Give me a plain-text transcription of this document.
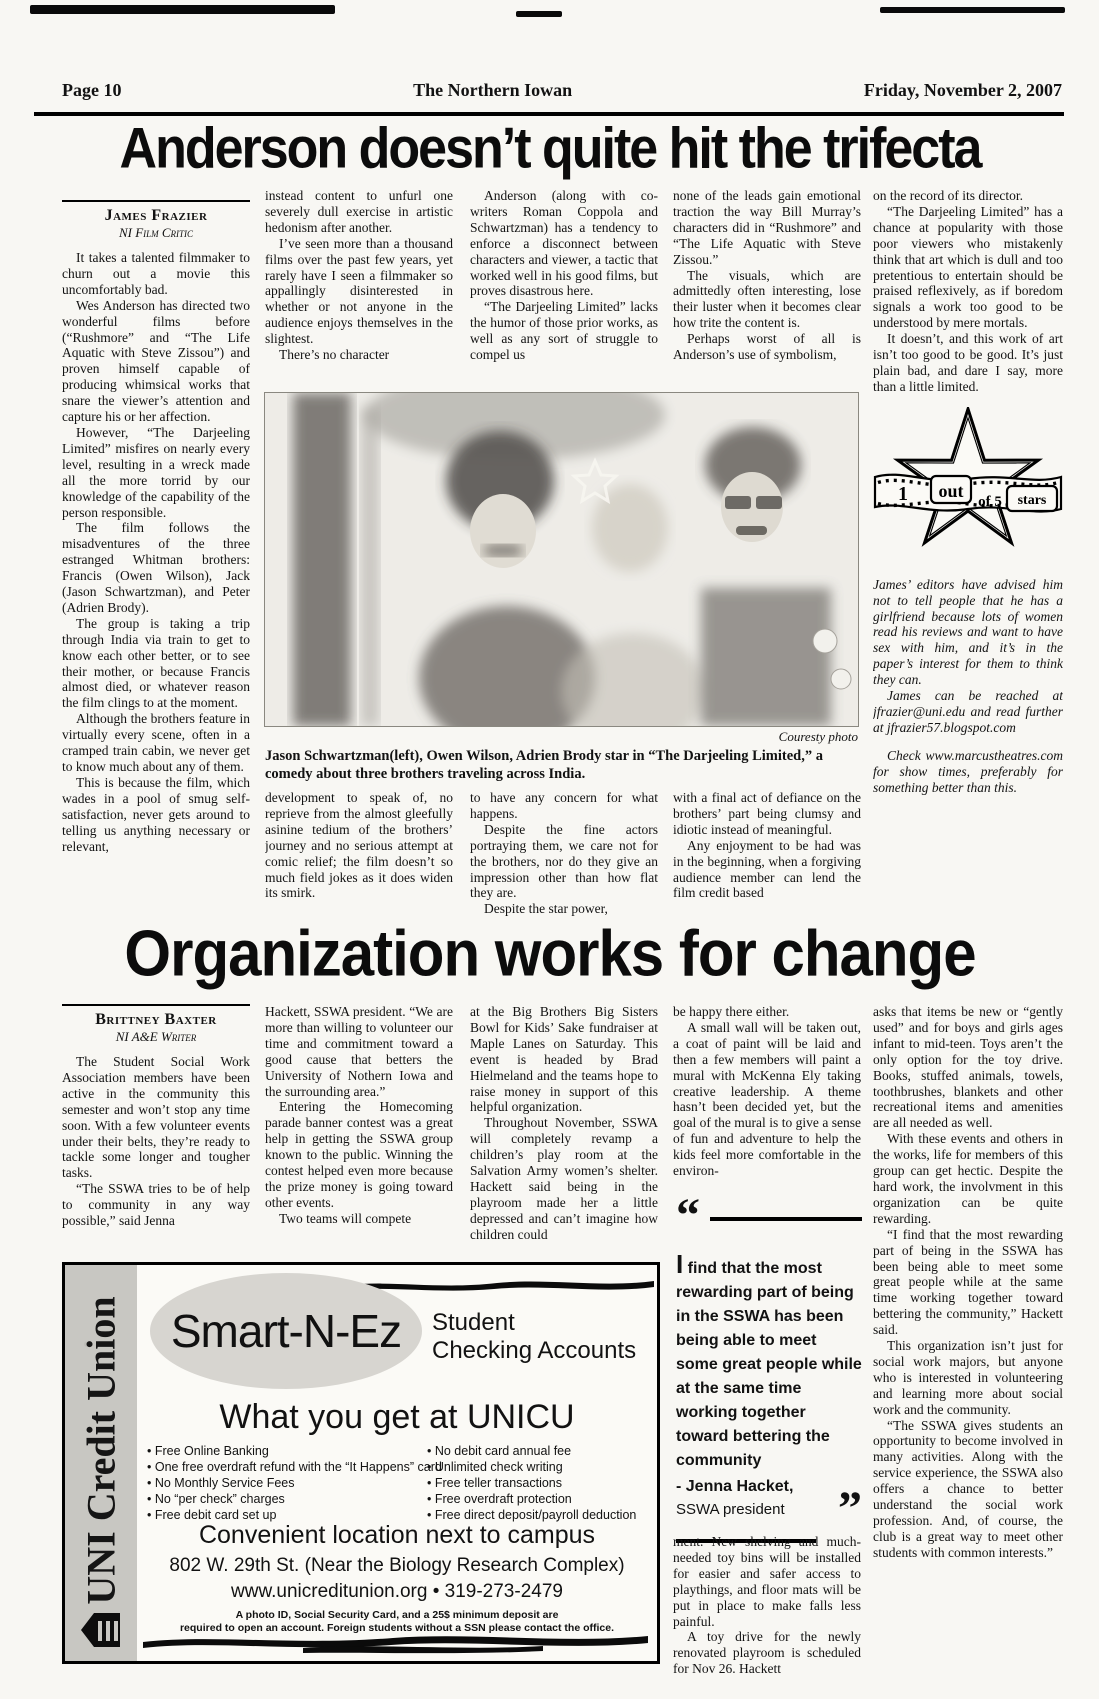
Page 10	The Northern Iowan	Friday, November 2, 2007
Anderson doesn’t quite hit the trifecta
James Frazier
NI Film Critic

It takes a talented filmmaker to churn out a movie this uncomfortably bad.

Wes Anderson has directed two wonderful films before (“Rushmore” and “The Life Aquatic with Steve Zissou”) and proven himself capable of producing whimsical works that snare the viewer’s attention and capture his or her affection.

However, “The Darjeeling Limited” misfires on nearly every level, resulting in a wreck made all the more torrid by our knowledge of the capability of the person responsible.

The film follows the misadventures of the three estranged Whitman brothers: Francis (Owen Wilson), Jack (Jason Schwartzman), and Peter (Adrien Brody).

The group is taking a trip through India via train to get to know each other better, or to see their mother, or because Francis almost died, or whatever reason the film clings to at the moment.

Although the brothers feature in virtually every scene, often in a cramped train cabin, we never get to know much about any of them.

This is because the film, which wades in a pool of smug self-satisfaction, never gets around to telling us anything necessary or relevant,

instead content to unfurl one severely dull exercise in artistic hedonism after another.

I’ve seen more than a thousand films over the past few years, yet rarely have I seen a filmmaker so appallingly disinterested in whether or not anyone in the audience enjoys themselves in the slightest.

There’s no character

Anderson (along with co-writers Roman Coppola and Schwartzman) has a tendency to enforce a disconnect between characters and viewer, a tactic that worked well in his good films, but proves disastrous here.

“The Darjeeling Limited” lacks the humor of those prior works, as well as any sort of struggle to compel us

none of the leads gain emotional traction the way Bill Murray’s characters did in “Rushmore” and “The Life Aquatic with Steve Zissou.”

The visuals, which are admittedly often interesting, lose their luster when it becomes clear how trite the content is.

Perhaps worst of all is Anderson’s use of symbolism,

on the record of its director.

“The Darjeeling Limited” has a chance at popularity with those poor viewers who mistakenly think that art which is dull and too pretentious to entertain should be praised reflexively, as if boredom signals a work too good to be understood by mere mortals.

It doesn’t, and this work of art isn’t too good to be good. It’s just plain bad, and dare I say, more than a little limited.

1 out
of 5 stars

James’ editors have advised him not to tell people that he has a girlfriend because lots of women read his reviews and want to have sex with him, and it’s in the paper’s interest for them to think they can.

James can be reached at jfrazier@uni.edu and read further at jfrazier57.blogspot.com

Check www.marcustheatres.com for show times, preferably for something better than this.

Couresty photo
Jason Schwartzman(left), Owen Wilson, Adrien Brody star in “The Darjeeling Limited,” a comedy about three brothers traveling across India.

development to speak of, no reprieve from the almost gleefully asinine tedium of the brothers’ journey and no serious attempt at comic relief; the film doesn’t so much field jokes as it does widen its smirk.

to have any concern for what happens.

Despite the fine actors portraying them, we care not for the brothers, nor do they give an impression other than how flat they are.

Despite the star power,

with a final act of defiance on the brothers’ part being clumsy and idiotic instead of meaningful.

Any enjoyment to be had was in the beginning, when a forgiving audience member can lend the film credit based

Organization works for change
Brittney Baxter
NI A&E Writer

The Student Social Work Association members have been active in the community this semester and won’t stop any time soon. With a few volunteer events under their belts, they’re ready to tackle some longer and tougher tasks.

“The SSWA tries to be of help to community in any way possible,” said Jenna

Hackett, SSWA president. “We are more than willing to volunteer our time and commitment toward a good cause that betters the University of Nothern Iowa and the surrounding area.”

Entering the Homecoming parade banner contest was a great help in getting the SSWA group known to the public. Winning the contest helped even more because the prize money is going toward other events.

Two teams will compete

at the Big Brothers Big Sisters Bowl for Kids’ Sake fundraiser at Maple Lanes on Saturday. This event is headed by Brad Hielmeland and the teams hope to raise money in support of this helpful organization.

Throughout November, SSWA will completely revamp a children’s play room at the Salvation Army women’s shelter. Hackett said being in the playroom made her a little depressed and can’t imagine how children could

be happy there either.

A small wall will be taken out, a coat of paint will be laid and then a few members will paint a mural with McKenna Ely taking creative leadership. A theme hasn’t been decided yet, but the goal of the mural is to give a sense of fun and adventure to help the kids feel more comfortable in the environ-

“
I find that the most rewarding part of being in the SSWA has been being able to meet some great people while at the same time working together toward bettering the community
- Jenna Hacket,
SSWA president ”

ment. New shelving and much-needed toy bins will be installed for easier and safer access to playthings, and floor mats will be put in place to make falls less painful.

A toy drive for the newly renovated playroom is scheduled for Nov 26. Hackett

asks that items be new or “gently used” and for boys and girls ages infant to mid-teen. Toys aren’t the only option for the toy drive. Books, stuffed animals, towels, toothbrushes, blankets and other recreational items and amenities are all needed as well.

With these events and others in the works, life for members of this group can get hectic. Despite the hard work, the involvment in this organization can be quite rewarding.

“I find that the most rewarding part of being in the SSWA has been being able to meet some great people while at the same time working together toward bettering the community,” Hackett said.

This organization isn’t just for social work majors, but anyone who is interested in volunteering and learning more about social work and the community.

“The SSWA gives students an opportunity to become involved in many activities. Along with the service experience, the SSWA also offers a chance to better understand the social work profession. And, of course, the club is a great way to meet other students with common interests.”

UNI Credit Union Smart-N-Ez Student
Checking Accounts
What you get at UNICU

• Free Online Banking

• One free overdraft refund with the “It Happens” card

• No Monthly Service Fees

• No “per check” charges

• Free debit card set up

• No debit card annual fee

• Unlimited check writing

• Free teller transactions

• Free overdraft protection

• Free direct deposit/payroll deduction

Convenient location next to campus
802 W. 29th St. (Near the Biology Research Complex)
www.unicreditunion.org • 319-273-2479
A photo ID, Social Security Card, and a 25$ minimum deposit are
required to open an account. Foreign students without a SSN please contact the office.
